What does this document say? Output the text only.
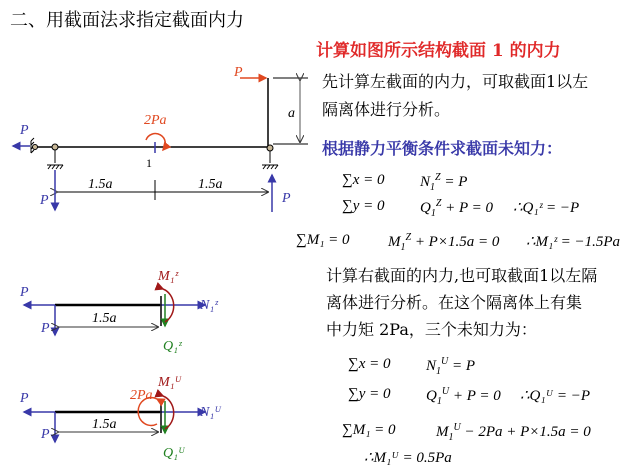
二、用截面法求指定截面内力
计算如图所示结构截面 1 的内力
先计算左截面的内力，可取截面1以左
隔离体进行分析。
根据静力平衡条件求截面未知力：
∑x = 0 $N_1^Z = P$
∑y = 0 $Q_1^Z + P = 0$ ∴Q₁ᶻ = −P
∑M₁ = 0	$M_1^Z + P\times 1.5a = 0$ ∴M₁ᶻ = −1.5Pa
计算右截面的内力,也可取截面1以左隔
离体进行分析。在这个隔离体上有集
中力矩 2Pa，三个未知力为：
∑x = 0 $N_1^U = P$
∑y = 0 $Q_1^U + P = 0$ ∴Q₁ᵁ = −P
∑M₁ = 0	$M_1^U - 2Pa + P\times 1.5a = 0$
∴M₁ᵁ = 0.5Pa
P
P
a
2Pa
1
1.5a	1.5a
P	P
P
P
1.5a
N₁ᶻ
Q₁ᶻ
M₁ᶻ
P
P
1.5a
2Pa
N₁ᵁ
Q₁ᵁ
M₁ᵁ
